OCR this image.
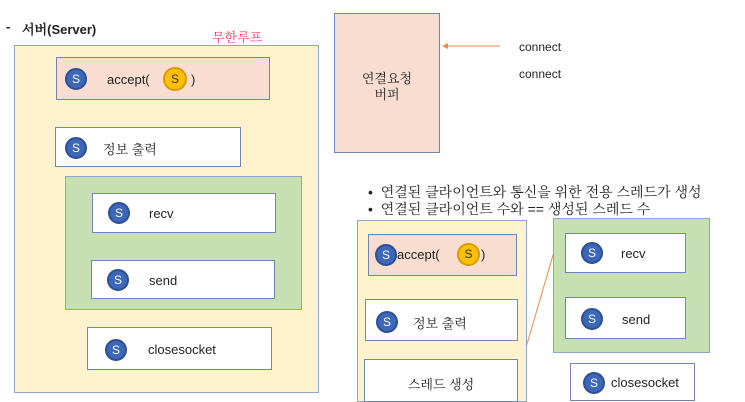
- 서버(Server)
무한루프
S	accept(	S )
S	정보 출력
S	recv
S	send
S	closesocket
연결요청
버퍼
connect
connect
•  연결된 클라이언트와 통신을 위한 전용 스레드가 생성
•  연결된 클라이언트 수와 == 생성된 스레드 수
S accept(	S )
S	정보 출력
스레드 생성
S	recv
S	send
S	closesocket
